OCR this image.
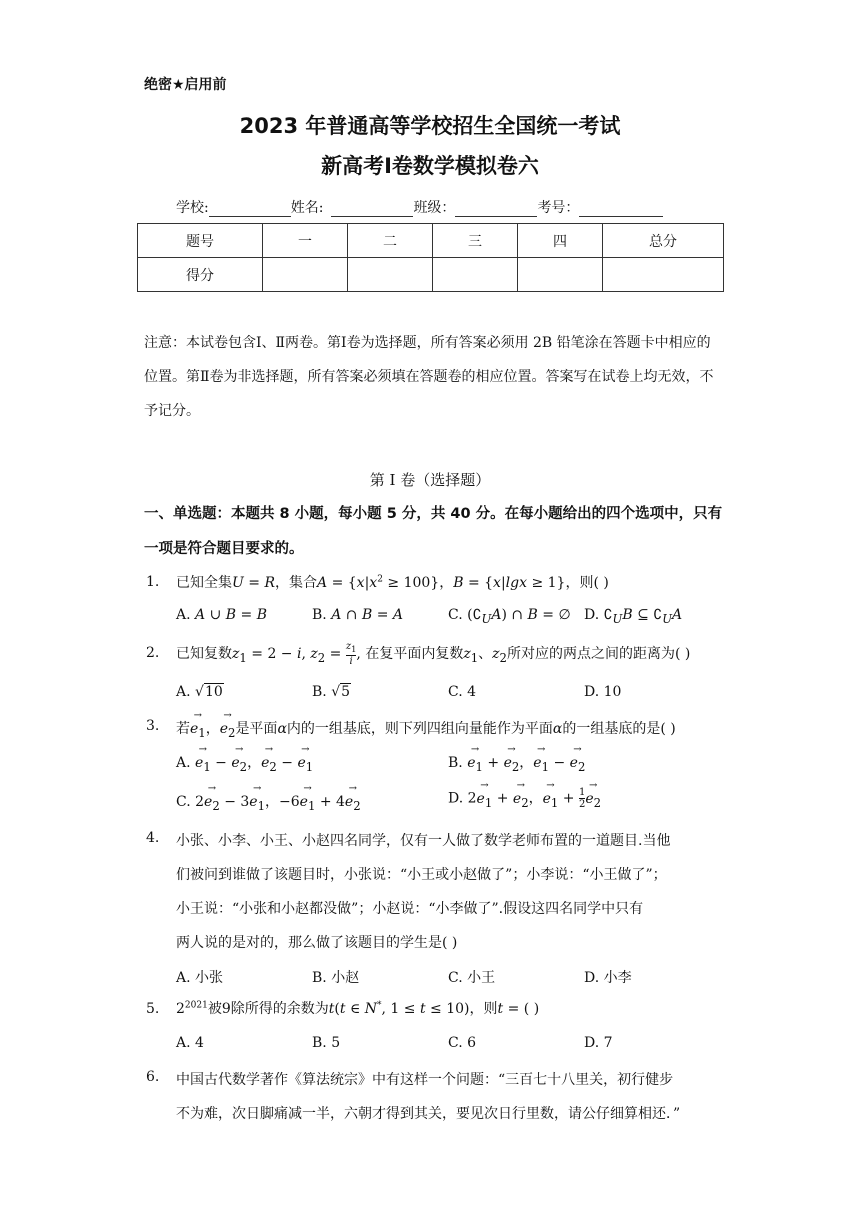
绝密★启用前
2023 年普通高等学校招生全国统一考试
新高考Ⅰ卷数学模拟卷六
学校:	姓名:	班级：	考号：
题号	一	二	三	四	总分
得分					
注意：本试卷包含Ⅰ、Ⅱ两卷。第Ⅰ卷为选择题，所有答案必须用 2B 铅笔涂在答题卡中相应的位置。第Ⅱ卷为非选择题，所有答案必须填在答题卷的相应位置。答案写在试卷上均无效，不予记分。
第 I 卷（选择题）
一、单选题：本题共 8 小题，每小题 5 分，共 40 分。在每小题给出的四个选项中，只有一项是符合题目要求的。
1. 已知全集U = R，集合$A = \{x|x^2 \ge 100\}$，B = {x|lgx ≥ 1}，则( )
A. A ∪ B = B	B. A ∩ B = A	C. $(∁_UA)$ ∩ B = ∅ D. $∁_UB$ ⊆ $∁_UA$
2. 已知复数$z_1 = 2 - i$, $z_2 = \frac{z_1}{i}$ , 在复平面内复数$z_1$、$z_2$所对应的两点之间的距离为( )
A. √10	B. √5	C. 4	D. 10
3. 若→ $e_1$，→ $e_2$是平面α内的一组基底，则下列四组向量能作为平面α的一组基底的是( )
A. → $e_1$ − → $e_2$，→ $e_2$ − → $e_1$	B. → $e_1$ + → $e_2$，→ $e_1$ − → $e_2$
C. $2\to e_2 - 3\to e_1$，$-6\to e_1 + 4\to e_2$	D. $2\to e_1$ + → $e_2$，→ $e_1 + \frac{1}{2} \to e_2$
4. 小张、小李、小王、小赵四名同学，仅有一人做了数学老师布置的一道题目.当他
们被问到谁做了该题目时，小张说：“小王或小赵做了”；小李说：“小王做了”；
小王说：“小张和小赵都没做”；小赵说：“小李做了”.假设这四名同学中只有
两人说的是对的，那么做了该题目的学生是( )
A. 小张	B. 小赵	C. 小王	D. 小李
5. $2^{2021}$被9除所得的余数为t(t ∈ N*, 1 ≤ t ≤ 10)，则t = ( )
A. 4	B. 5	C. 6	D. 7
6. 中国古代数学著作《算法统宗》中有这样一个问题：“三百七十八里关，初行健步
不为难，次日脚痛减一半，六朝才得到其关，要见次日行里数，请公仔细算相还．”
